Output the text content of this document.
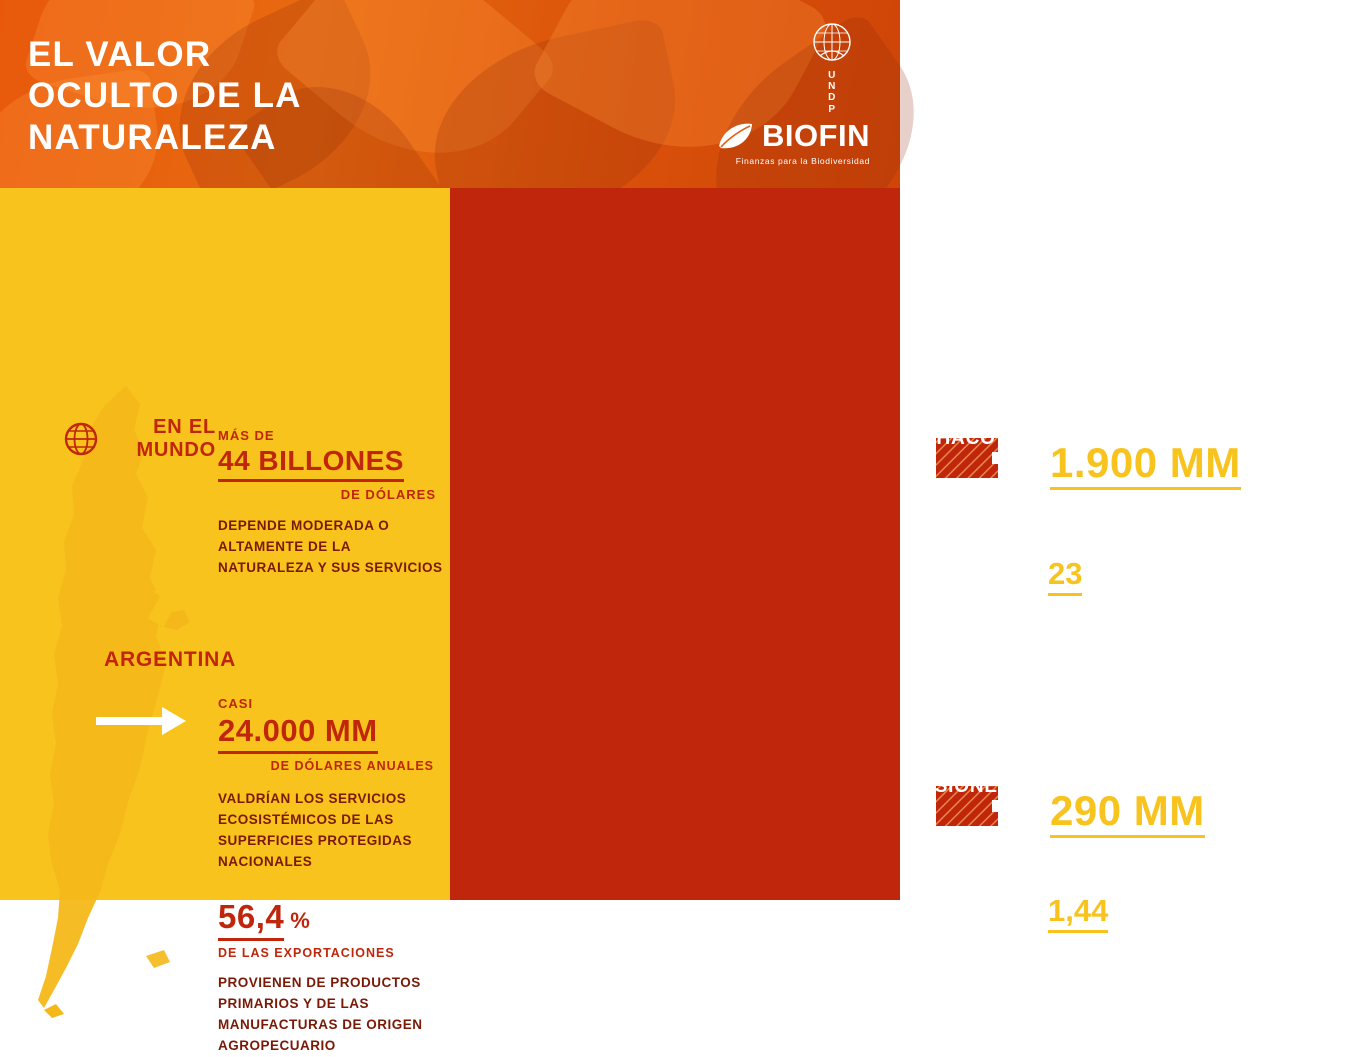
EL VALOR
OCULTO DE LA
NATURALEZA
U
N
D
P
BIOFIN
Finanzas para la Biodiversidad
EN EL MUNDO
MÁS DE
44 BILLONES
DE DÓLARES
DEPENDE MODERADA O ALTAMENTE DE LA NATURALEZA Y SUS SERVICIOS
ARGENTINA
CASI
24.000 MM
DE DÓLARES ANUALES
VALDRÍAN LOS SERVICIOS ECOSISTÉMICOS DE LAS SUPERFICIES PROTEGIDAS NACIONALES
56,4 %
DE LAS EXPORTACIONES
PROVIENEN DE PRODUCTOS PRIMARIOS Y DE LAS MANUFACTURAS DE ORIGEN AGROPECUARIO
CHACO	MÁS DE
1.900 MM
DE DÓLARES ANUALES
23 % DEL PBG DE CHACO
VALDRÍAN LOS SERVICIOS ECOSISTÉMICOS DE LAS SUPERFICIES PROTEGIDAS DEL CHACO SECO Y HÚMEDO
MISIONES	MÁS DE
290 MM
DE DÓLARES ANUALES
1,44 % DEL PBG DE MISIONES
VALDRÍAN LOS SERVICIOS ECOSISTÉMICOS DE LAS SUPERFICIE PROTEGIDA DE LA SELVA PARANAENSE
